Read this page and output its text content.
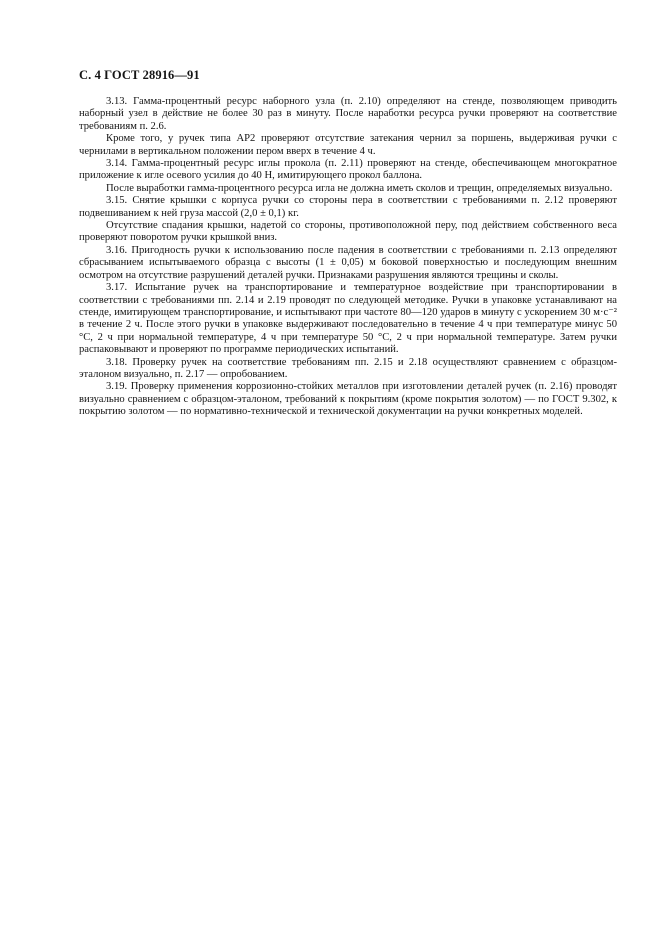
С. 4 ГОСТ 28916—91

3.13. Гамма-процентный ресурс наборного узла (п. 2.10) определяют на стенде, позволяющем приводить наборный узел в действие не более 30 раз в минуту. После наработки ресурса ручки проверяют на соответствие требованиям п. 2.6.

Кроме того, у ручек типа АР2 проверяют отсутствие затекания чернил за поршень, выдерживая ручки с чернилами в вертикальном положении пером вверх в течение 4 ч.

3.14. Гамма-процентный ресурс иглы прокола (п. 2.11) проверяют на стенде, обеспечивающем многократное приложение к игле осевого усилия до 40 Н, имитирующего прокол баллона.

После выработки гамма-процентного ресурса игла не должна иметь сколов и трещин, определяемых визуально.

3.15. Снятие крышки с корпуса ручки со стороны пера в соответствии с требованиями п. 2.12 проверяют подвешиванием к ней груза массой (2,0 ± 0,1) кг.

Отсутствие спадания крышки, надетой со стороны, противоположной перу, под действием собственного веса проверяют поворотом ручки крышкой вниз.

3.16. Пригодность ручки к использованию после падения в соответствии с требованиями п. 2.13 определяют сбрасыванием испытываемого образца с высоты (1 ± 0,05) м боковой поверхностью и последующим внешним осмотром на отсутствие разрушений деталей ручки. Признаками разрушения являются трещины и сколы.

3.17. Испытание ручек на транспортирование и температурное воздействие при транспортировании в соответствии с требованиями пп. 2.14 и 2.19 проводят по следующей методике. Ручки в упаковке устанавливают на стенде, имитирующем транспортирование, и испытывают при частоте 80—120 ударов в минуту с ускорением 30 м·с⁻² в течение 2 ч. После этого ручки в упаковке выдерживают последовательно в течение 4 ч при температуре минус 50 °С, 2 ч при нормальной температуре, 4 ч при температуре 50 °С, 2 ч при нормальной температуре. Затем ручки распаковывают и проверяют по программе периодических испытаний.

3.18. Проверку ручек на соответствие требованиям пп. 2.15 и 2.18 осуществляют сравнением с образцом-эталоном визуально, п. 2.17 — опробованием.

3.19. Проверку применения коррозионно-стойких металлов при изготовлении деталей ручек (п. 2.16) проводят визуально сравнением с образцом-эталоном, требований к покрытиям (кроме покрытия золотом) — по ГОСТ 9.302, к покрытию золотом — по нормативно-технической и технической документации на ручки конкретных моделей.
